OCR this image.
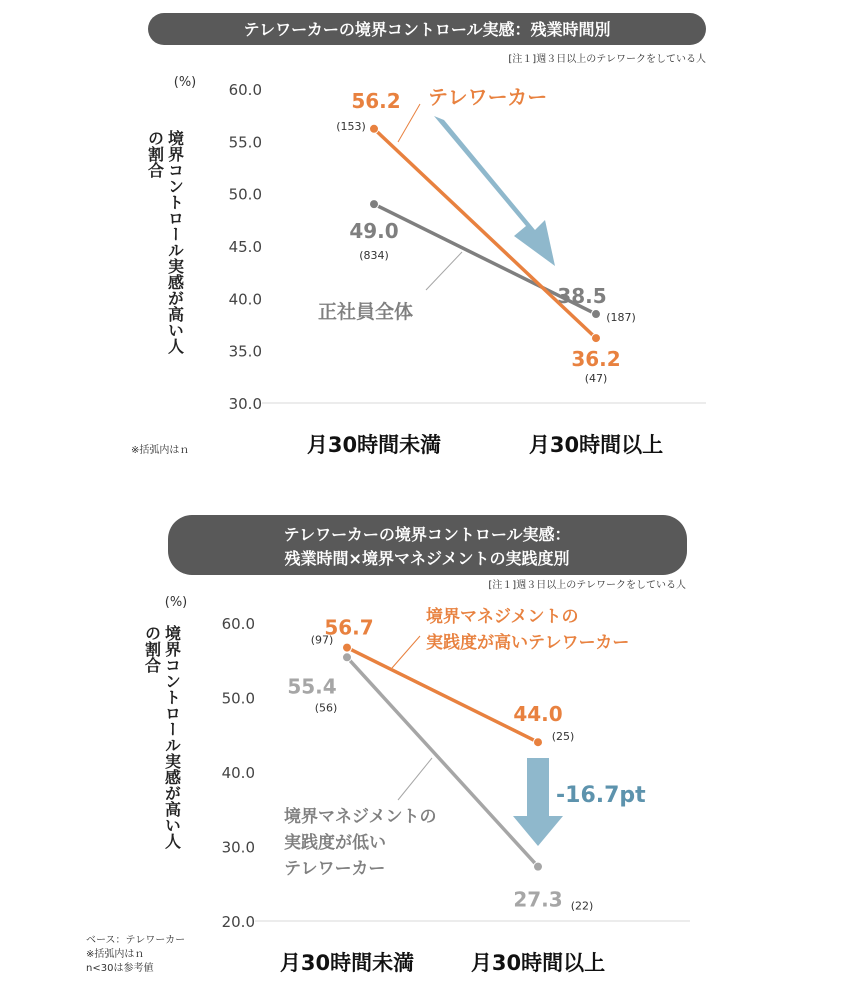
テレワーカーの境界コントロール実感：残業時間別
[注１]週３日以上のテレワークをしている人
(%)
境界コントロール実感が高い人
60.0
55.0
50.0
45.0
40.0
35.0
30.0
月30時間未満	月30時間以上
49.0
(834)
38.5
(187)
56.2
(153)
36.2
(47)
テレワーカー
正社員全体
※括弧内はｎ
の割合
テレワーカーの境界コントロール実感：
残業時間×境界マネジメントの実践度別
[注１]週３日以上のテレワークをしている人
(%)
境界コントロール実感が高い人
60.0
50.0
40.0
30.0
20.0
月30時間未満	月30時間以上
55.4
(56)
27.3 (22)
56.7
(97)
44.0
(25)
-16.7pt
境界マネジメントの
実践度が高いテレワーカー
境界マネジメントの
実践度が低い
テレワーカー
ベース：テレワーカー
※括弧内はｎ
n<30は参考値
の割合
